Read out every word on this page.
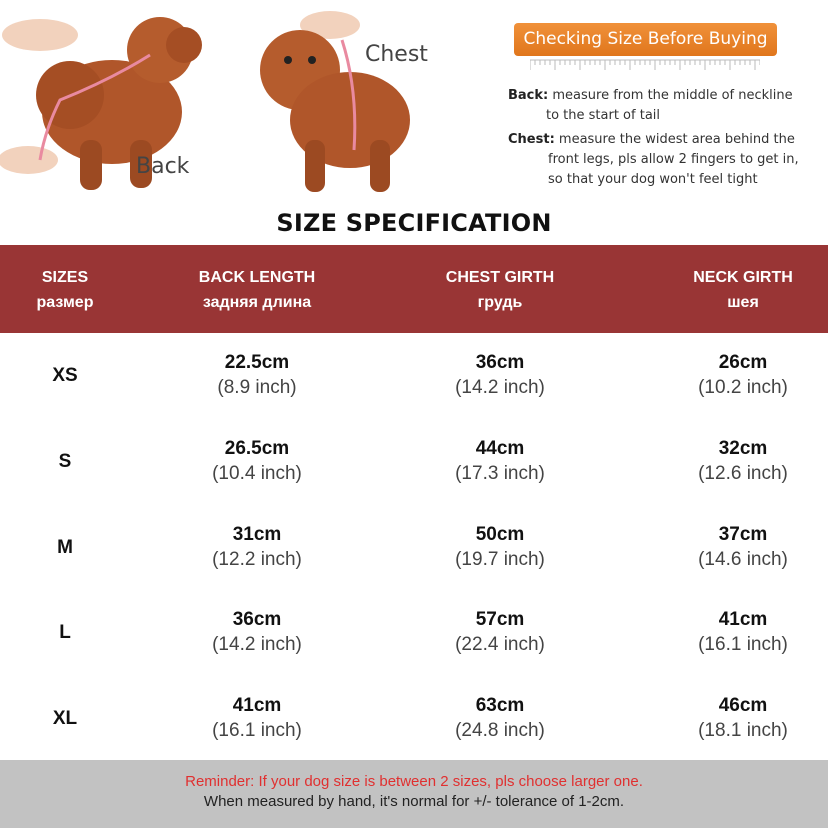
Back
Chest
Checking Size Before Buying
Back: measure from the middle of neckline
to the start of tail
Chest: measure the widest area behind the
front legs, pls allow 2 fingers to get in,
so that your dog won't feel tight
SIZE SPECIFICATION
SIZES
размер
BACK LENGTH
задняя длина
CHEST GIRTH
грудь
NECK GIRTH
шея
XS
22.5cm
(8.9 inch)
36cm
(14.2 inch)
26cm
(10.2 inch)
S
26.5cm
(10.4 inch)
44cm
(17.3 inch)
32cm
(12.6 inch)
M
31cm
(12.2 inch)
50cm
(19.7 inch)
37cm
(14.6 inch)
L
36cm
(14.2 inch)
57cm
(22.4 inch)
41cm
(16.1 inch)
XL
41cm
(16.1 inch)
63cm
(24.8 inch)
46cm
(18.1 inch)
Reminder: If your dog size is between 2 sizes, pls choose larger one.
When measured by hand, it's normal for +/- tolerance of 1-2cm.
